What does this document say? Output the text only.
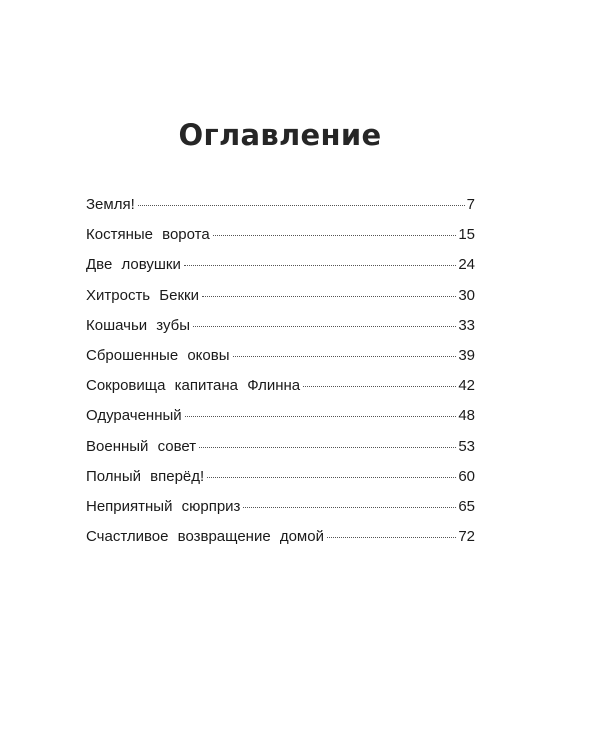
Оглавление
Земля!	7
Костяные ворота	15
Две ловушки	24
Хитрость Бекки	30
Кошачьи зубы	33
Сброшенные оковы	39
Сокровища капитана Флинна	42
Одураченный	48
Военный совет	53
Полный вперёд!	60
Неприятный сюрприз	65
Счастливое возвращение домой	72
